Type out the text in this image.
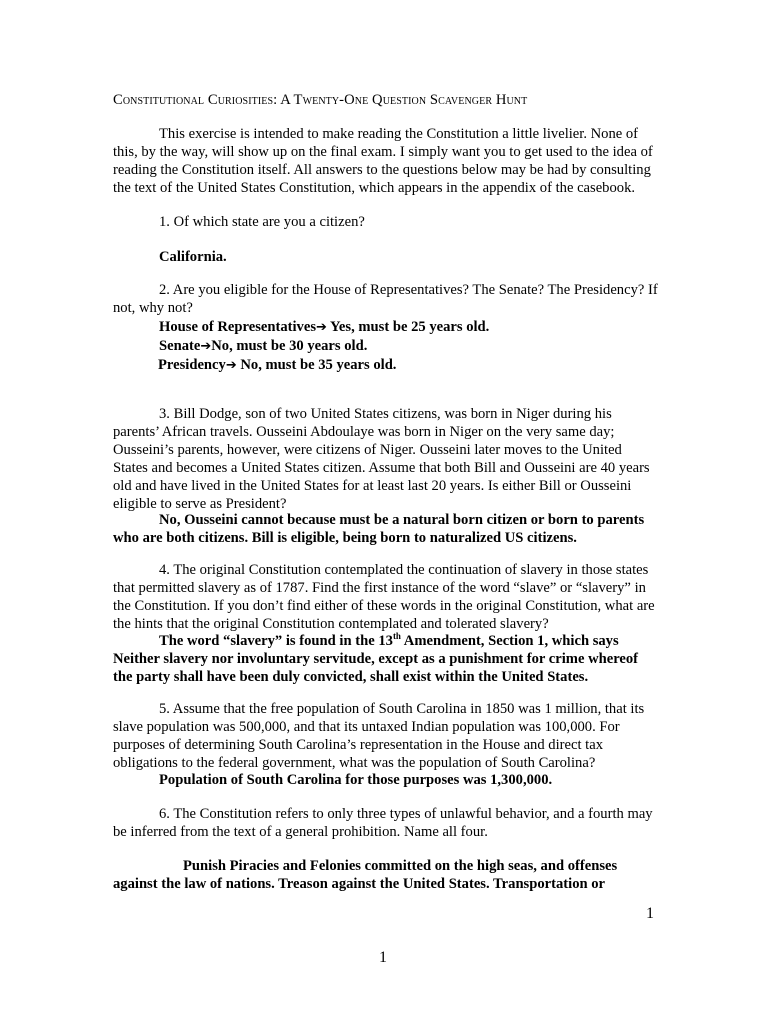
Constitutional Curiosities: A Twenty-One Question Scavenger Hunt

This exercise is intended to make reading the Constitution a little livelier. None of this, by the way, will show up on the final exam. I simply want you to get used to the idea of reading the Constitution itself. All answers to the questions below may be had by consulting the text of the United States Constitution, which appears in the appendix of the casebook.

1. Of which state are you a citizen?

California.

2. Are you eligible for the House of Representatives? The Senate? The Presidency? If not, why not?

House of Representatives➔ Yes, must be 25 years old.
Senate➔No, must be 30 years old.
Presidency➔ No, must be 35 years old.

3. Bill Dodge, son of two United States citizens, was born in Niger during his parents’ African travels. Ousseini Abdoulaye was born in Niger on the very same day; Ousseini’s parents, however, were citizens of Niger. Ousseini later moves to the United States and becomes a United States citizen. Assume that both Bill and Ousseini are 40 years old and have lived in the United States for at least last 20 years. Is either Bill or Ousseini eligible to serve as President?

No, Ousseini cannot because must be a natural born citizen or born to parents who are both citizens. Bill is eligible, being born to naturalized US citizens.

4. The original Constitution contemplated the continuation of slavery in those states that permitted slavery as of 1787. Find the first instance of the word “slave” or “slavery” in the Constitution. If you don’t find either of these words in the original Constitution, what are the hints that the original Constitution contemplated and tolerated slavery?

The word “slavery” is found in the 13th Amendment, Section 1, which says Neither slavery nor involuntary servitude, except as a punishment for crime whereof the party shall have been duly convicted, shall exist within the United States.

5. Assume that the free population of South Carolina in 1850 was 1 million, that its slave population was 500,000, and that its untaxed Indian population was 100,000. For purposes of determining South Carolina’s representation in the House and direct tax obligations to the federal government, what was the population of South Carolina?

Population of South Carolina for those purposes was 1,300,000.

6. The Constitution refers to only three types of unlawful behavior, and a fourth may be inferred from the text of a general prohibition. Name all four.

Punish Piracies and Felonies committed on the high seas, and offenses against the law of nations. Treason against the United States. Transportation or

1
1
